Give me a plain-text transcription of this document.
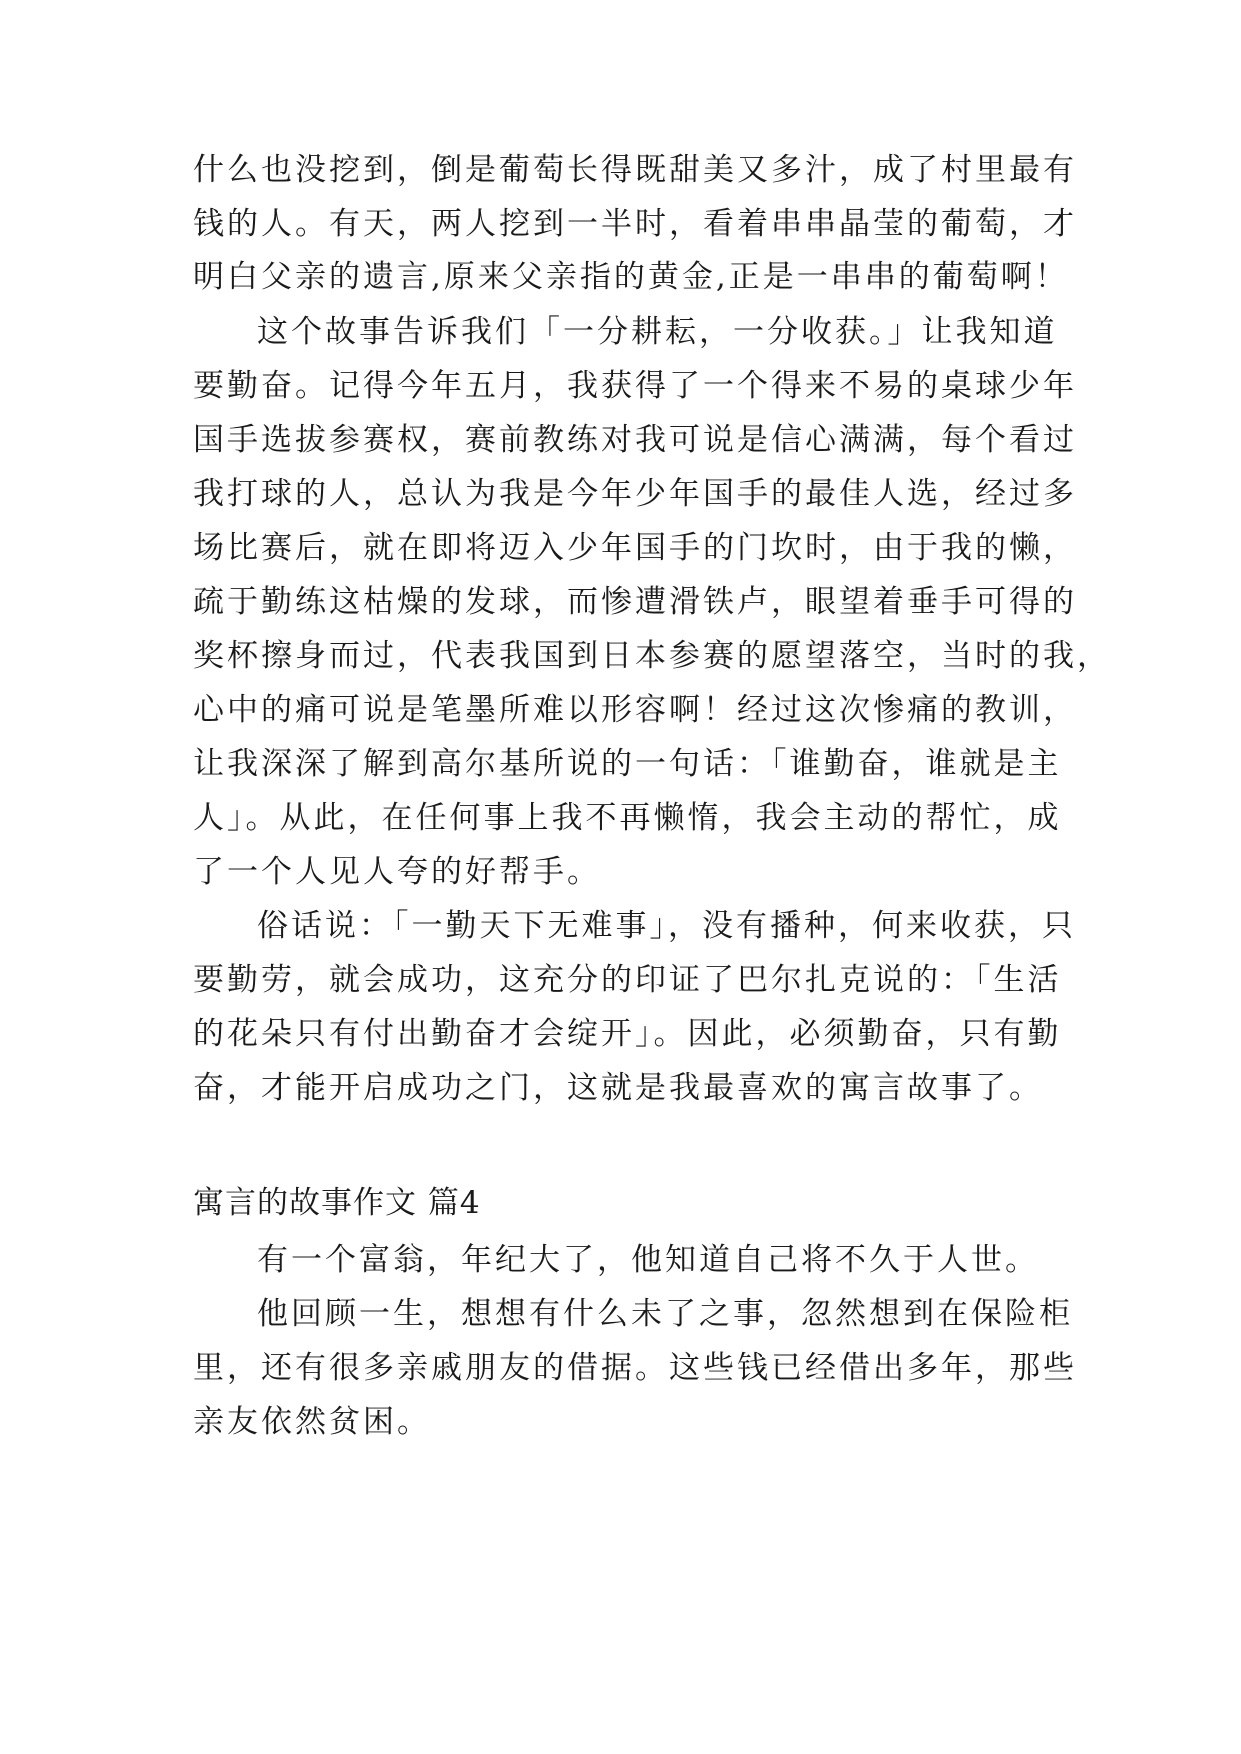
什么也没挖到，倒是葡萄长得既甜美又多汁，成了村里最有
钱的人。有天，两人挖到一半时，看着串串晶莹的葡萄，才
明白父亲的遗言,原来父亲指的黄金,正是一串串的葡萄啊！
这个故事告诉我们「一分耕耘，一分收获。」让我知道
要勤奋。记得今年五月，我获得了一个得来不易的桌球少年
国手选拔参赛权，赛前教练对我可说是信心满满，每个看过
我打球的人，总认为我是今年少年国手的最佳人选，经过多
场比赛后，就在即将迈入少年国手的门坎时，由于我的懒，
疏于勤练这枯燥的发球，而惨遭滑铁卢，眼望着垂手可得的
奖杯擦身而过，代表我国到日本参赛的愿望落空，当时的我，
心中的痛可说是笔墨所难以形容啊！经过这次惨痛的教训，
让我深深了解到高尔基所说的一句话：「谁勤奋，谁就是主
人」。从此，在任何事上我不再懒惰，我会主动的帮忙，成
了一个人见人夸的好帮手。
俗话说：「一勤天下无难事」，没有播种，何来收获，只
要勤劳，就会成功，这充分的印证了巴尔扎克说的：「生活
的花朵只有付出勤奋才会绽开」。因此，必须勤奋，只有勤
奋，才能开启成功之门，这就是我最喜欢的寓言故事了。
寓言的故事作文 篇4
有一个富翁，年纪大了，他知道自己将不久于人世。
他回顾一生，想想有什么未了之事，忽然想到在保险柜
里，还有很多亲戚朋友的借据。这些钱已经借出多年，那些
亲友依然贫困。
